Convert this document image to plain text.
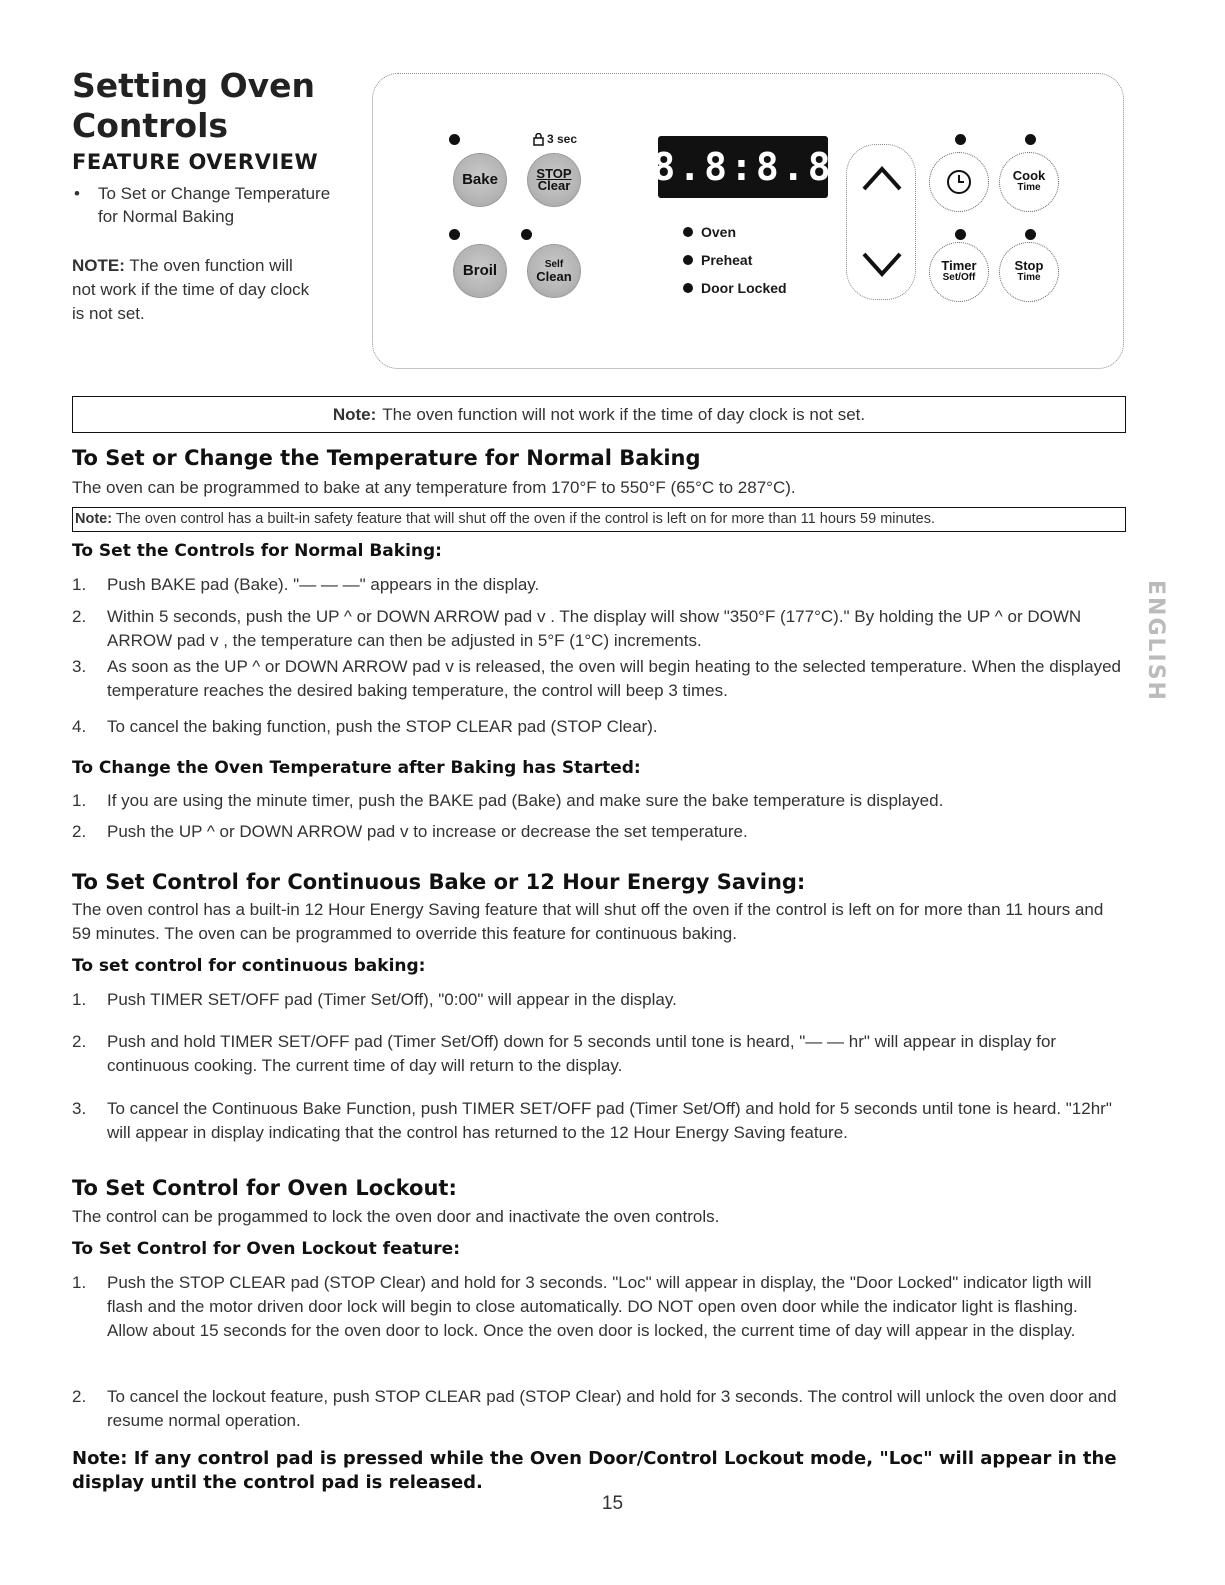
Setting Oven Controls
FEATURE OVERVIEW
• To Set or Change Temperature for Normal Baking
NOTE: The oven function will not work if the time of day clock is not set.
3 sec
Bake	STOP
Clear
Broil	Self
Clean
8.8:8.8
Oven
Preheat
Door Locked
Cook
Time
Timer
Set/Off
Stop
Time
Note: The oven function will not work if the time of day clock is not set.
To Set or Change the Temperature for Normal Baking

The oven can be programmed to bake at any temperature from 170°F to 550°F (65°C to 287°C).

Note: The oven control has a built-in safety feature that will shut off the oven if the control is left on for more than 11 hours 59 minutes.
To Set the Controls for Normal Baking:
1.	Push BAKE pad (Bake). "— — —" appears in the display.
2.	Within 5 seconds, push the UP ^ or DOWN ARROW pad v . The display will show "350°F (177°C)." By holding the UP ^ or DOWN ARROW pad v , the temperature can then be adjusted in 5°F (1°C) increments.
3.	As soon as the UP ^ or DOWN ARROW pad v is released, the oven will begin heating to the selected temperature. When the displayed temperature reaches the desired baking temperature, the control will beep 3 times.
4.	To cancel the baking function, push the STOP CLEAR pad (STOP Clear).
To Change the Oven Temperature after Baking has Started:
1.	If you are using the minute timer, push the BAKE pad (Bake) and make sure the bake temperature is displayed.
2.	Push the UP ^ or DOWN ARROW pad v to increase or decrease the set temperature.
To Set Control for Continuous Bake or 12 Hour Energy Saving:

The oven control has a built-in 12 Hour Energy Saving feature that will shut off the oven if the control is left on for more than 11 hours and 59 minutes. The oven can be programmed to override this feature for continuous baking.

To set control for continuous baking:
1.	Push TIMER SET/OFF pad (Timer Set/Off), "0:00" will appear in the display.
2.	Push and hold TIMER SET/OFF pad (Timer Set/Off) down for 5 seconds until tone is heard, "— — hr" will appear in display for continuous cooking. The current time of day will return to the display.
3.	To cancel the Continuous Bake Function, push TIMER SET/OFF pad (Timer Set/Off) and hold for 5 seconds until tone is heard. "12hr" will appear in display indicating that the control has returned to the 12 Hour Energy Saving feature.
To Set Control for Oven Lockout:

The control can be progammed to lock the oven door and inactivate the oven controls.

To Set Control for Oven Lockout feature:
1.	Push the STOP CLEAR pad (STOP Clear) and hold for 3 seconds. "Loc" will appear in display, the "Door Locked" indicator ligth will flash and the motor driven door lock will begin to close automatically. DO NOT open oven door while the indicator light is flashing. Allow about 15 seconds for the oven door to lock. Once the oven door is locked, the current time of day will appear in the display.
2.	To cancel the lockout feature, push STOP CLEAR pad (STOP Clear) and hold for 3 seconds. The control will unlock the oven door and resume normal operation.
Note: If any control pad is pressed while the Oven Door/Control Lockout mode, "Loc" will appear in the display until the control pad is released.
15
ENGLISH
